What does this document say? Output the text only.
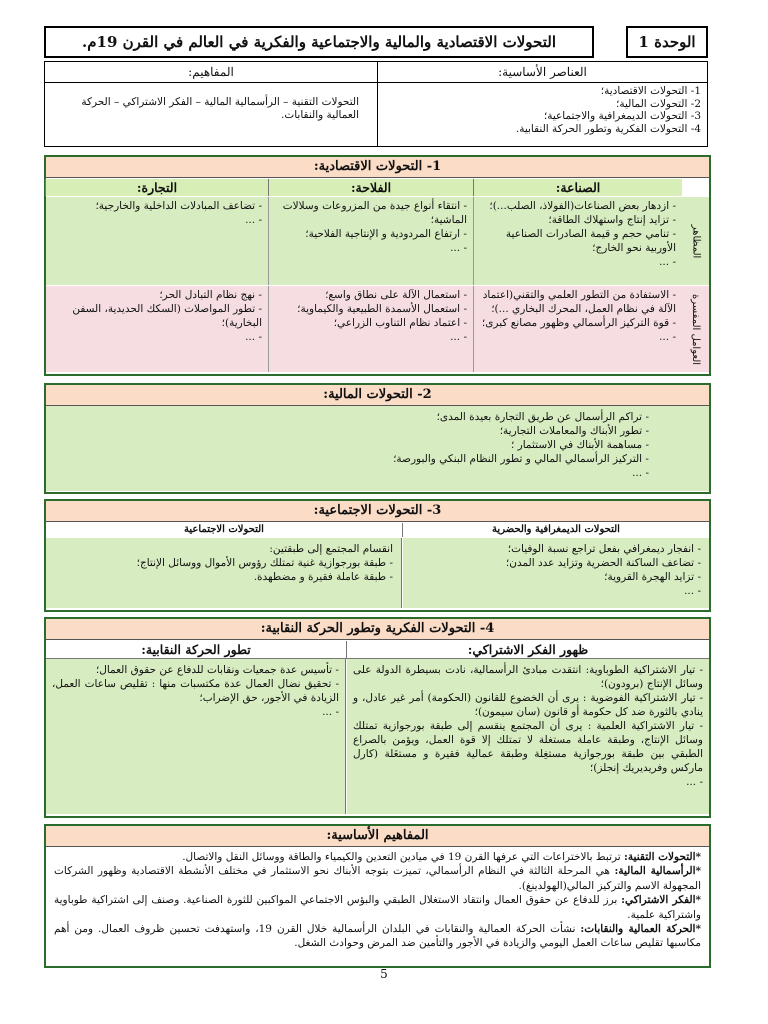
الوحدة 1
التحولات الاقتصادية والمالية والاجتماعية والفكرية في العالم في القرن 19م.
العناصر الأساسية:
1- التحولات الاقتصادية؛
2- التحولات المالية؛
3- التحولات الديمغرافية والاجتماعية؛
4- التحولات الفكرية وتطور الحركة النقابية.
المفاهيم:
التحولات التقنية – الرأسمالية المالية – الفكر الاشتراكي – الحركة العمالية والنقابات.
1- التحولات الاقتصادية:
الصناعة:
الفلاحة:
التجارة:
المظاهر
العوامل المفسرة
- ازدهار بعض الصناعات(الفولاذ، الصلب...)؛
- تزايد إنتاج واستهلاك الطاقة؛
- تنامي حجم و قيمة الصادرات الصناعية الأوربية نحو الخارج؛
- ...
- انتقاء أنواع جيدة من المزروعات وسلالات الماشية؛
- ارتفاع المردودية و الإنتاجية الفلاحية؛
- ...
- تضاعف المبادلات الداخلية والخارجية؛
- ...
- الاستفادة من التطور العلمي والتقني(اعتماد الآلة في نظام العمل، المحرك البخاري ...)؛
- قوة التركيز الرأسمالي وظهور مصانع كبرى؛
- ...
- استعمال الآلة على نطاق واسع؛
- استعمال الأسمدة الطبيعية والكيماوية؛
- اعتماد نظام التناوب الزراعي؛
- ...
- نهج نظام التبادل الحر؛
- تطور المواصلات (السكك الحديدية، السفن البخارية)؛
- ...
2- التحولات المالية:
- تراكم الرأسمال عن طريق التجارة بعيدة المدى؛
- تطور الأبناك والمعاملات التجارية؛
- مساهمة الأبناك في الاستثمار ؛
- التركيز الرأسمالي المالي و تطور النظام البنكي والبورصة؛
- ...
3- التحولات الاجتماعية:
التحولات الديمغرافية والحضرية
التحولات الاجتماعية
- انفجار ديمغرافي بفعل تراجع نسبة الوفيات؛
- تضاعف الساكنة الحضرية وتزايد عدد المدن؛
- تزايد الهجرة القروية؛
- ...
انقسام المجتمع إلى طبقتين:
- طبقة بورجوازية غنية تمتلك رؤوس الأموال ووسائل الإنتاج؛
- طبقة عاملة فقيرة و مضطهدة.
4- التحولات الفكرية وتطور الحركة النقابية:
ظهور الفكر الاشتراكي:
تطور الحركة النقابية:
- تيار الاشتراكية الطوباوية: انتقدت مبادئ الرأسمالية، نادت بسيطرة الدولة على وسائل الإنتاج (برودون)؛
- تيار الاشتراكية الفوضوية : يرى أن الخضوع للقانون (الحكومة) أمر غير عادل، و ينادي بالثورة ضد كل حكومة أو قانون (سان سيمون)؛
- تيار الاشتراكية العلمية : يرى أن المجتمع ينقسم إلى طبقة بورجوازية تمتلك وسائل الإنتاج، وطبقة عاملة مستغلة لا تمتلك إلا قوة العمل، ويؤمن بالصراع الطبقي بين طبقة بورجوازية مستغِلة وطبقة عمالية فقيرة و مستغَلة (كارل ماركس وفريديريك إنجلز)؛
- ...
- تأسيس عدة جمعيات ونقابات للدفاع عن حقوق العمال؛
- تحقيق نضال العمال عدة مكتسبات منها : تقليص ساعات العمل، الزيادة في الأجور، حق الإضراب؛
- ...
المفاهيم الأساسية:
*التحولات التقنية: ترتبط بالاختراعات التي عرفها القرن 19 في ميادين التعدين والكيمياء والطاقة ووسائل النقل والاتصال.
*الرأسمالية المالية: هي المرحلة الثالثة في النظام الرأسمالي، تميزت بتوجه الأبناك نحو الاستثمار في مختلف الأنشطة الاقتصادية وظهور الشركات المجهولة الاسم والتركيز المالي(الهولدينغ).
*الفكر الاشتراكي: برز للدفاع عن حقوق العمال وانتقاد الاستغلال الطبقي والبؤس الاجتماعي المواكبين للثورة الصناعية. وصنف إلى اشتراكية طوباوية واشتراكية علمية.
*الحركة العمالية والنقابات: نشأت الحركة العمالية والنقابات في البلدان الرأسمالية خلال القرن 19، واستهدفت تحسين ظروف العمال. ومن أهم مكاسبها تقليص ساعات العمل اليومي والزيادة في الأجور والتأمين ضد المرض وحوادث الشغل.
5
